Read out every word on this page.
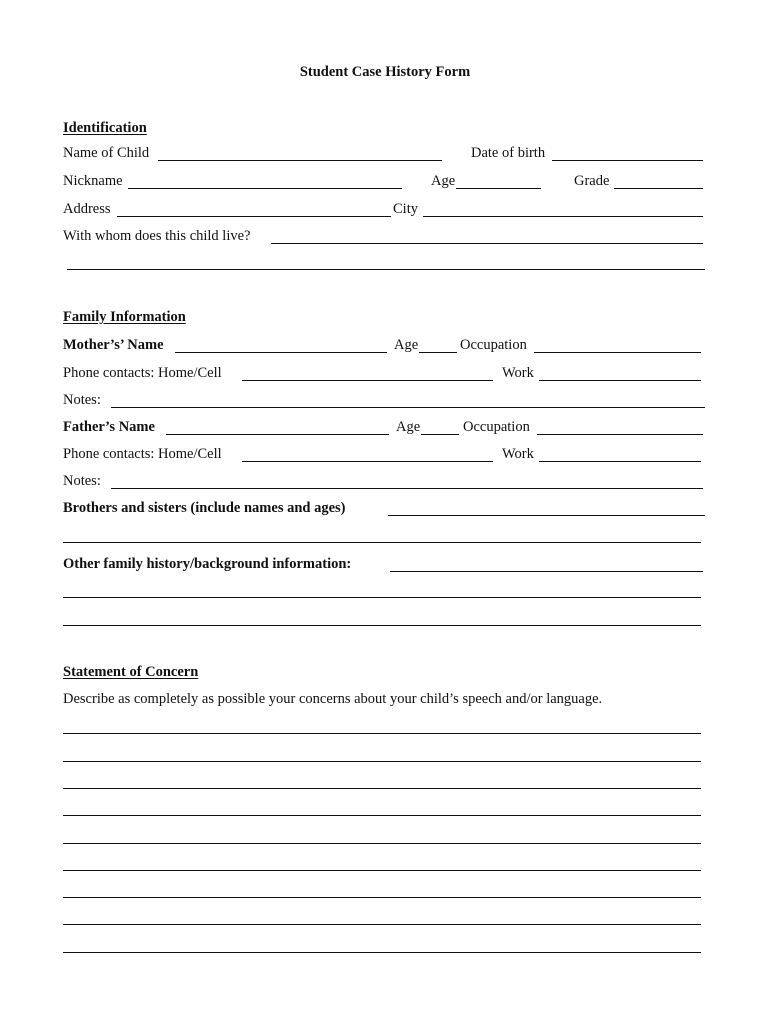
Student Case History Form
Identification
Name of Child	Date of birth
Nickname	Age	Grade
Address	City
With whom does this child live?
Family Information
Mother’s’ Name	Age	Occupation
Phone contacts: Home/Cell	Work
Notes:
Father’s Name	Age	Occupation
Phone contacts: Home/Cell	Work
Notes:
Brothers and sisters (include names and ages)
Other family history/background information:
Statement of Concern
Describe as completely as possible your concerns about your child’s speech and/or language.
